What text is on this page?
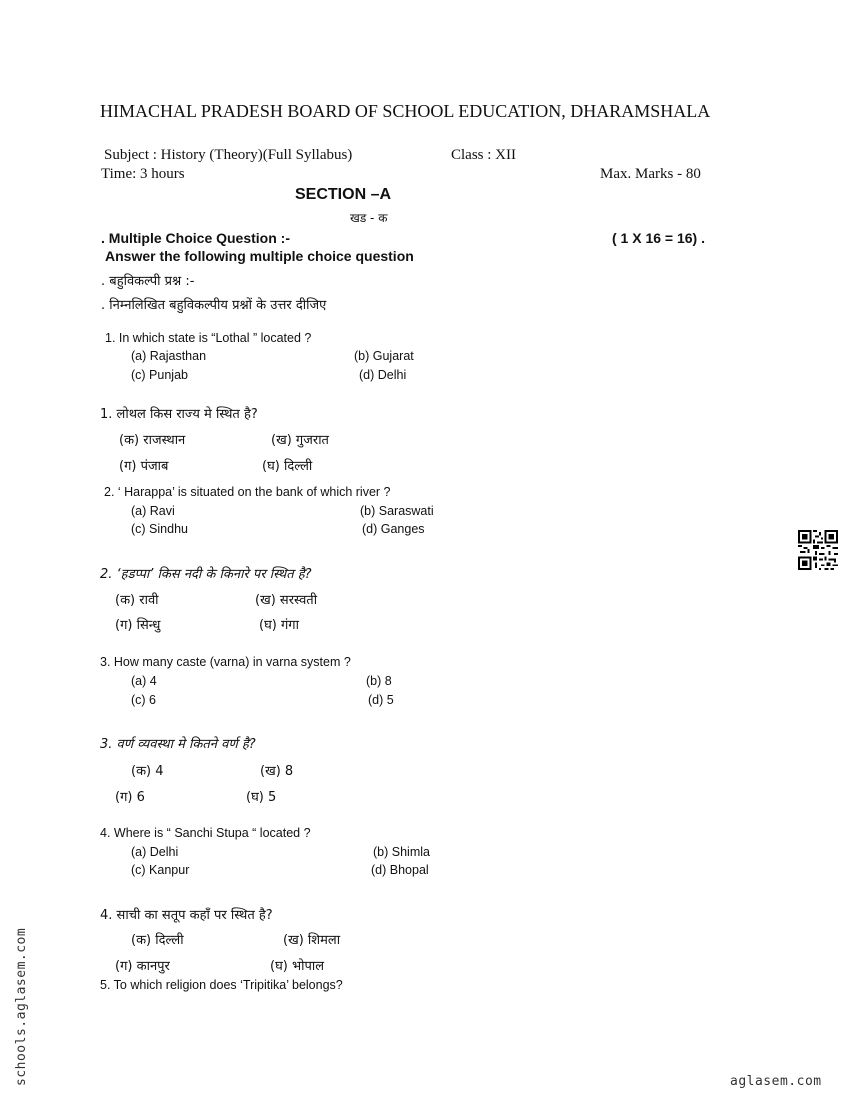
HIMACHAL PRADESH BOARD OF SCHOOL EDUCATION, DHARAMSHALA
Subject : History (Theory)(Full Syllabus)	Class : XII
Time: 3 hours	Max. Marks - 80
SECTION –A
खड - क
. Multiple Choice Question :-	( 1 X 16 = 16) .
Answer the following multiple choice question
. बहुविकल्पी प्रश्न :-
. निम्नलिखित बहुविकल्पीय प्रश्नों के उत्तर दीजिए
1. In which state is “Lothal ” located ?
(a) Rajasthan	(b) Gujarat
(c) Punjab	(d) Delhi
1. लोथल किस राज्य मे स्थित है?
(क) राजस्थान	(ख) गुजरात
(ग) पंजाब	(घ) दिल्ली
2. ‘ Harappa’ is situated on the bank of which river ?
(a) Ravi	(b) Saraswati
(c) Sindhu	(d) Ganges
2. ‘हडप्पा’ किस नदी के किनारे पर स्थित है?
(क) रावी	(ख) सरस्वती
(ग) सिन्धु	(घ) गंगा
3. How many caste (varna) in varna system ?
(a) 4	(b) 8
(c) 6	(d) 5
3. वर्ण व्यवस्था मे कितने वर्ण है?
(क) 4	(ख) 8
(ग) 6	(घ) 5
4. Where is “ Sanchi Stupa “ located ?
(a) Delhi	(b) Shimla
(c) Kanpur	(d) Bhopal
4. साची का सतूप कहाँ पर स्थित है?
(क) दिल्ली	(ख) शिमला
(ग) कानपुर	(घ) भोपाल
5. To which religion does ‘Tripitika’ belongs?
schools.aglasem.com	aglasem.com
